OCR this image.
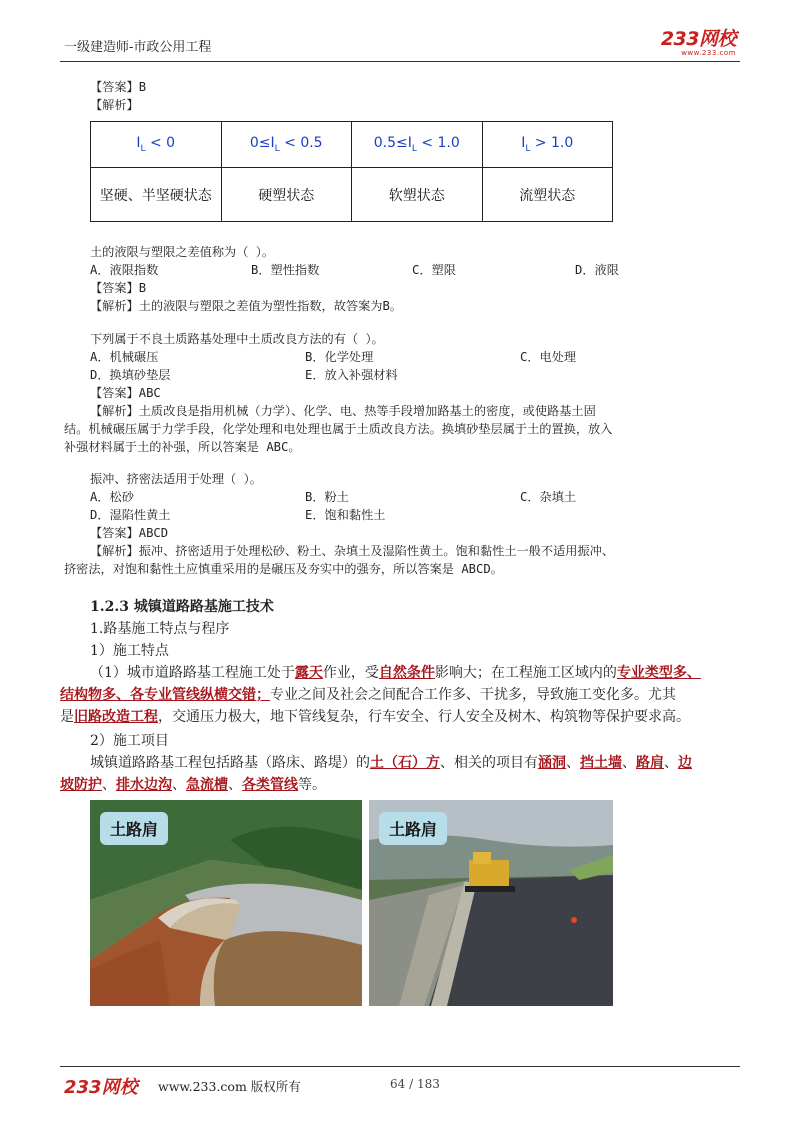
一级建造师-市政公用工程	233网校
www.233.com
【答案】B
【解析】
$I_L < 0$	$0\le I_L < 0.5$	$0.5\le I_L < 1.0$	$I_L > 1.0$
坚硬、半坚硬状态	硬塑状态	软塑状态	流塑状态
土的液限与塑限之差值称为（ ）。
A．液限指数	B．塑性指数	C．塑限	D．液限
【答案】B
【解析】土的液限与塑限之差值为塑性指数，故答案为B。
下列属于不良土质路基处理中土质改良方法的有（ ）。
A．机械碾压	B．化学处理	C．电处理
D．换填砂垫层	E．放入补强材料
【答案】ABC
【解析】土质改良是指用机械（力学）、化学、电、热等手段增加路基土的密度，或使路基土固
结。机械碾压属于力学手段，化学处理和电处理也属于土质改良方法。换填砂垫层属于土的置换，放入
补强材料属于土的补强，所以答案是 ABC。
振冲、挤密法适用于处理（ ）。
A．松砂	B．粉土	C．杂填土
D．湿陷性黄土	E．饱和黏性土
【答案】ABCD
【解析】振冲、挤密适用于处理松砂、粉土、杂填土及湿陷性黄土。饱和黏性土一般不适用振冲、
挤密法，对饱和黏性土应慎重采用的是碾压及夯实中的强夯，所以答案是 ABCD。
1.2.3 城镇道路路基施工技术
1.路基施工特点与程序
1）施工特点
（1）城市道路路基工程施工处于露天作业，受自然条件影响大；在工程施工区域内的专业类型多、
结构物多、各专业管线纵横交错；专业之间及社会之间配合工作多、干扰多，导致施工变化多。尤其
是旧路改造工程，交通压力极大，地下管线复杂，行车安全、行人安全及树木、构筑物等保护要求高。
2）施工项目
城镇道路路基工程包括路基（路床、路堤）的土（石）方、相关的项目有涵洞、挡土墙、路肩、边
坡防护、排水边沟、急流槽、各类管线等。
土路肩	土路肩
233网校 www.233.com 版权所有	64 / 183
